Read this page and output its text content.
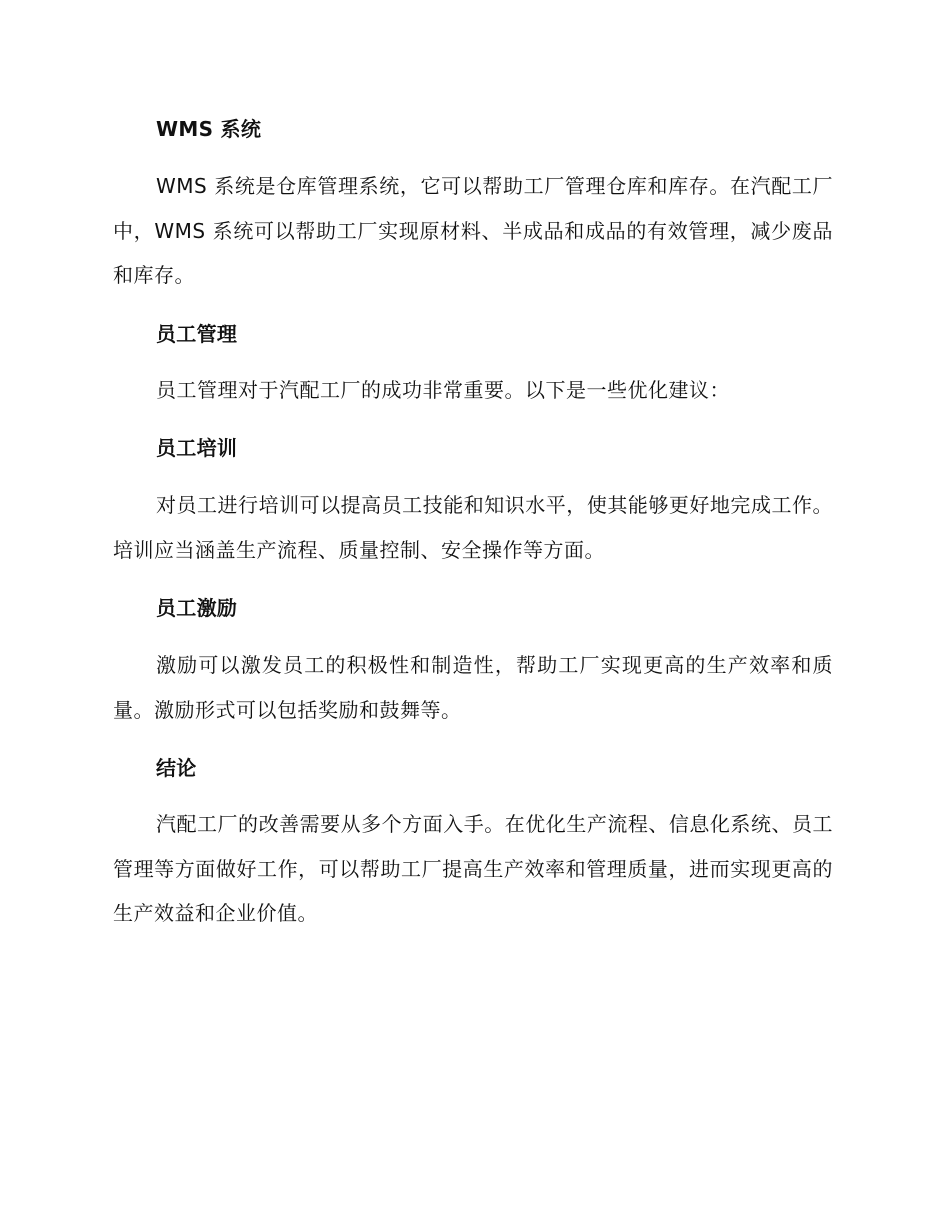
WMS 系统
WMS 系统是仓库管理系统，它可以帮助工厂管理仓库和库存。在汽配工厂中，WMS 系统可以帮助工厂实现原材料、半成品和成品的有效管理，减少废品和库存。
员工管理
员工管理对于汽配工厂的成功非常重要。以下是一些优化建议：
员工培训
对员工进行培训可以提高员工技能和知识水平，使其能够更好地完成工作。培训应当涵盖生产流程、质量控制、安全操作等方面。
员工激励
激励可以激发员工的积极性和制造性，帮助工厂实现更高的生产效率和质量。激励形式可以包括奖励和鼓舞等。
结论
汽配工厂的改善需要从多个方面入手。在优化生产流程、信息化系统、员工管理等方面做好工作，可以帮助工厂提高生产效率和管理质量，进而实现更高的生产效益和企业价值。
